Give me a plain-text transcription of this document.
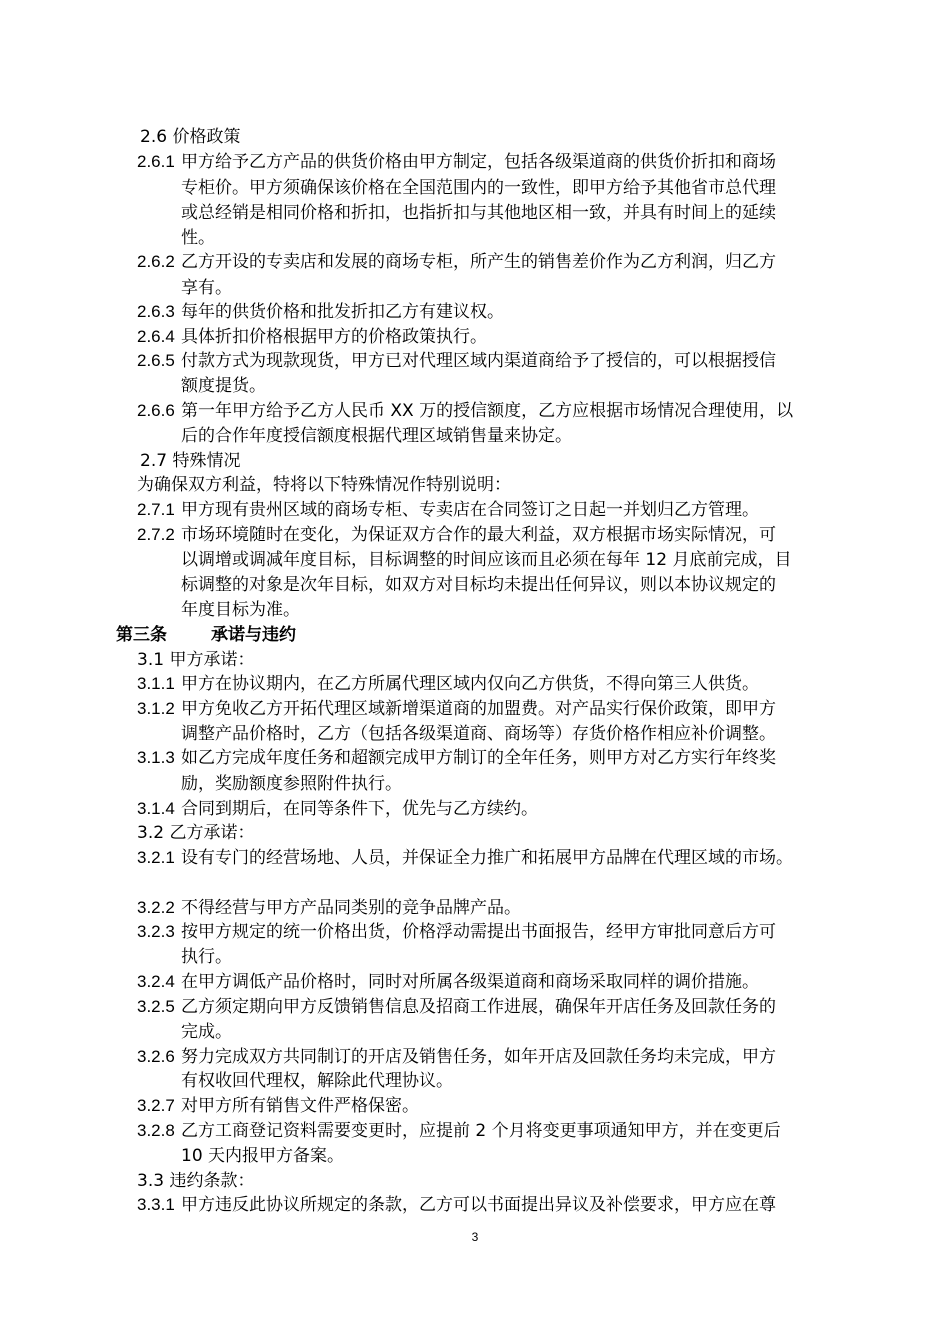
2.6 价格政策
2.6.1 甲方给予乙方产品的供货价格由甲方制定，包括各级渠道商的供货价折扣和商场
专柜价。甲方须确保该价格在全国范围内的一致性，即甲方给予其他省市总代理
或总经销是相同价格和折扣，也指折扣与其他地区相一致，并具有时间上的延续
性。
2.6.2 乙方开设的专卖店和发展的商场专柜，所产生的销售差价作为乙方利润，归乙方
享有。
2.6.3 每年的供货价格和批发折扣乙方有建议权。
2.6.4 具体折扣价格根据甲方的价格政策执行。
2.6.5 付款方式为现款现货，甲方已对代理区域内渠道商给予了授信的，可以根据授信
额度提货。
2.6.6 第一年甲方给予乙方人民币 XX 万的授信额度，乙方应根据市场情况合理使用，以
后的合作年度授信额度根据代理区域销售量来协定。
2.7 特殊情况
为确保双方利益，特将以下特殊情况作特别说明：
2.7.1 甲方现有贵州区域的商场专柜、专卖店在合同签订之日起一并划归乙方管理。
2.7.2 市场环境随时在变化，为保证双方合作的最大利益，双方根据市场实际情况，可
以调增或调减年度目标，目标调整的时间应该而且必须在每年 12 月底前完成，目
标调整的对象是次年目标，如双方对目标均未提出任何异议，则以本协议规定的
年度目标为准。
第三条	承诺与违约
3.1 甲方承诺：
3.1.1 甲方在协议期内，在乙方所属代理区域内仅向乙方供货，不得向第三人供货。
3.1.2 甲方免收乙方开拓代理区域新增渠道商的加盟费。对产品实行保价政策，即甲方
调整产品价格时，乙方（包括各级渠道商、商场等）存货价格作相应补价调整。
3.1.3 如乙方完成年度任务和超额完成甲方制订的全年任务，则甲方对乙方实行年终奖
励，奖励额度参照附件执行。
3.1.4 合同到期后，在同等条件下，优先与乙方续约。
3.2 乙方承诺：
3.2.1 设有专门的经营场地、人员，并保证全力推广和拓展甲方品牌在代理区域的市场。
3.2.2 不得经营与甲方产品同类别的竞争品牌产品。
3.2.3 按甲方规定的统一价格出货，价格浮动需提出书面报告，经甲方审批同意后方可
执行。
3.2.4 在甲方调低产品价格时，同时对所属各级渠道商和商场采取同样的调价措施。
3.2.5 乙方须定期向甲方反馈销售信息及招商工作进展，确保年开店任务及回款任务的
完成。
3.2.6 努力完成双方共同制订的开店及销售任务，如年开店及回款任务均未完成，甲方
有权收回代理权，解除此代理协议。
3.2.7 对甲方所有销售文件严格保密。
3.2.8 乙方工商登记资料需要变更时，应提前 2 个月将变更事项通知甲方，并在变更后
10 天内报甲方备案。
3.3 违约条款：
3.3.1 甲方违反此协议所规定的条款，乙方可以书面提出异议及补偿要求，甲方应在尊
3
